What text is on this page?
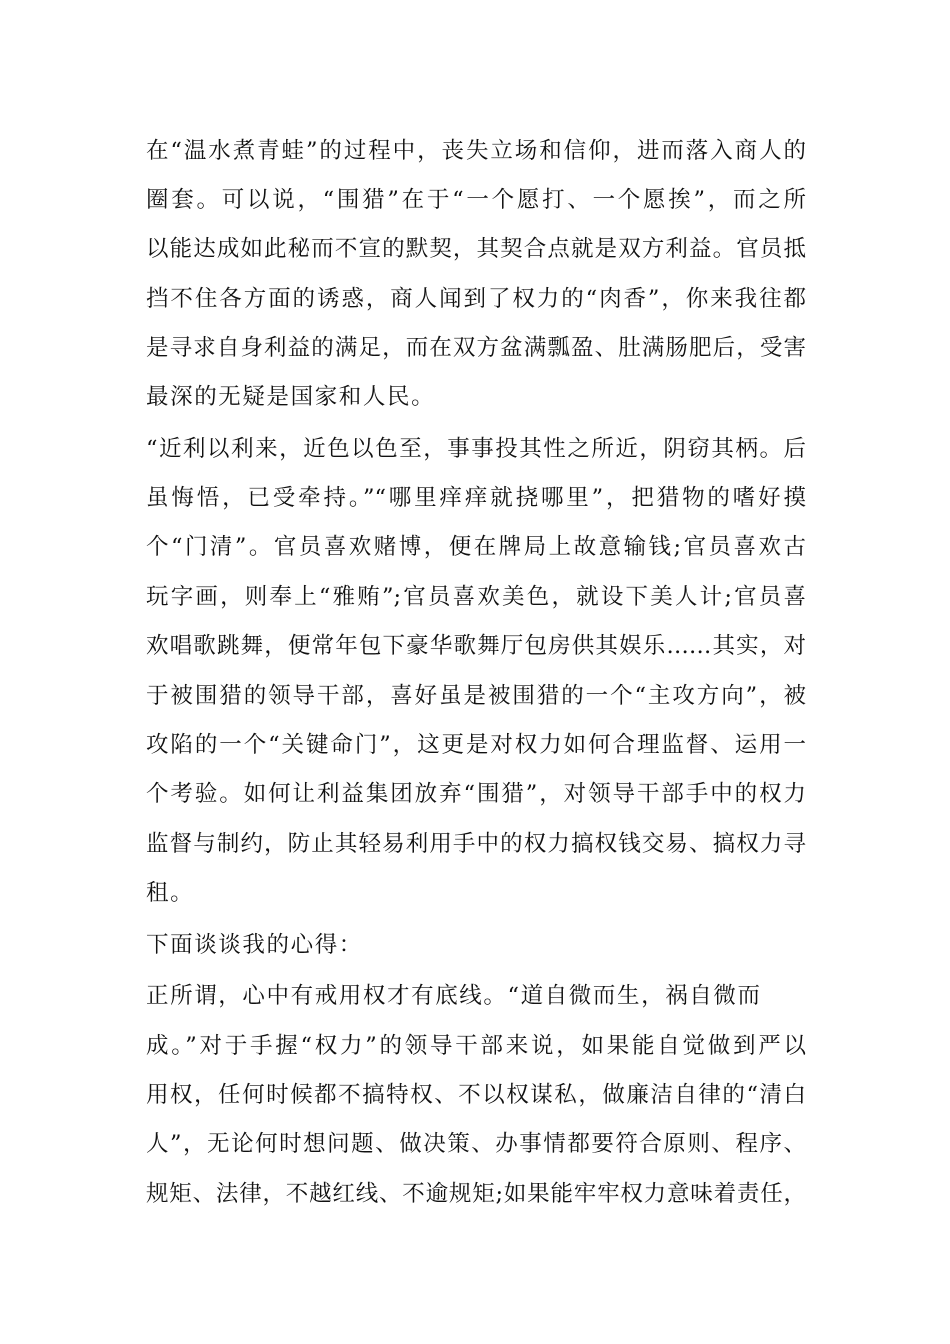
在“温水煮青蛙”的过程中，丧失立场和信仰，进而落入商人的
圈套。可以说，“围猎”在于“一个愿打、一个愿挨”，而之所
以能达成如此秘而不宣的默契，其契合点就是双方利益。官员抵
挡不住各方面的诱惑，商人闻到了权力的“肉香”，你来我往都
是寻求自身利益的满足，而在双方盆满瓢盈、肚满肠肥后，受害
最深的无疑是国家和人民。
“近利以利来，近色以色至，事事投其性之所近，阴窃其柄。后
虽悔悟，已受牵持。”“哪里痒痒就挠哪里”，把猎物的嗜好摸
个“门清”。官员喜欢赌博，便在牌局上故意输钱;官员喜欢古
玩字画，则奉上“雅贿”;官员喜欢美色，就设下美人计;官员喜
欢唱歌跳舞，便常年包下豪华歌舞厅包房供其娱乐……其实，对
于被围猎的领导干部，喜好虽是被围猎的一个“主攻方向”，被
攻陷的一个“关键命门”，这更是对权力如何合理监督、运用一
个考验。如何让利益集团放弃“围猎”，对领导干部手中的权力
监督与制约，防止其轻易利用手中的权力搞权钱交易、搞权力寻
租。
下面谈谈我的心得：
正所谓，心中有戒用权才有底线。“道自微而生，祸自微而
成。”对于手握“权力”的领导干部来说，如果能自觉做到严以
用权，任何时候都不搞特权、不以权谋私，做廉洁自律的“清白
人”，无论何时想问题、做决策、办事情都要符合原则、程序、
规矩、法律，不越红线、不逾规矩;如果能牢牢权力意味着责任，
